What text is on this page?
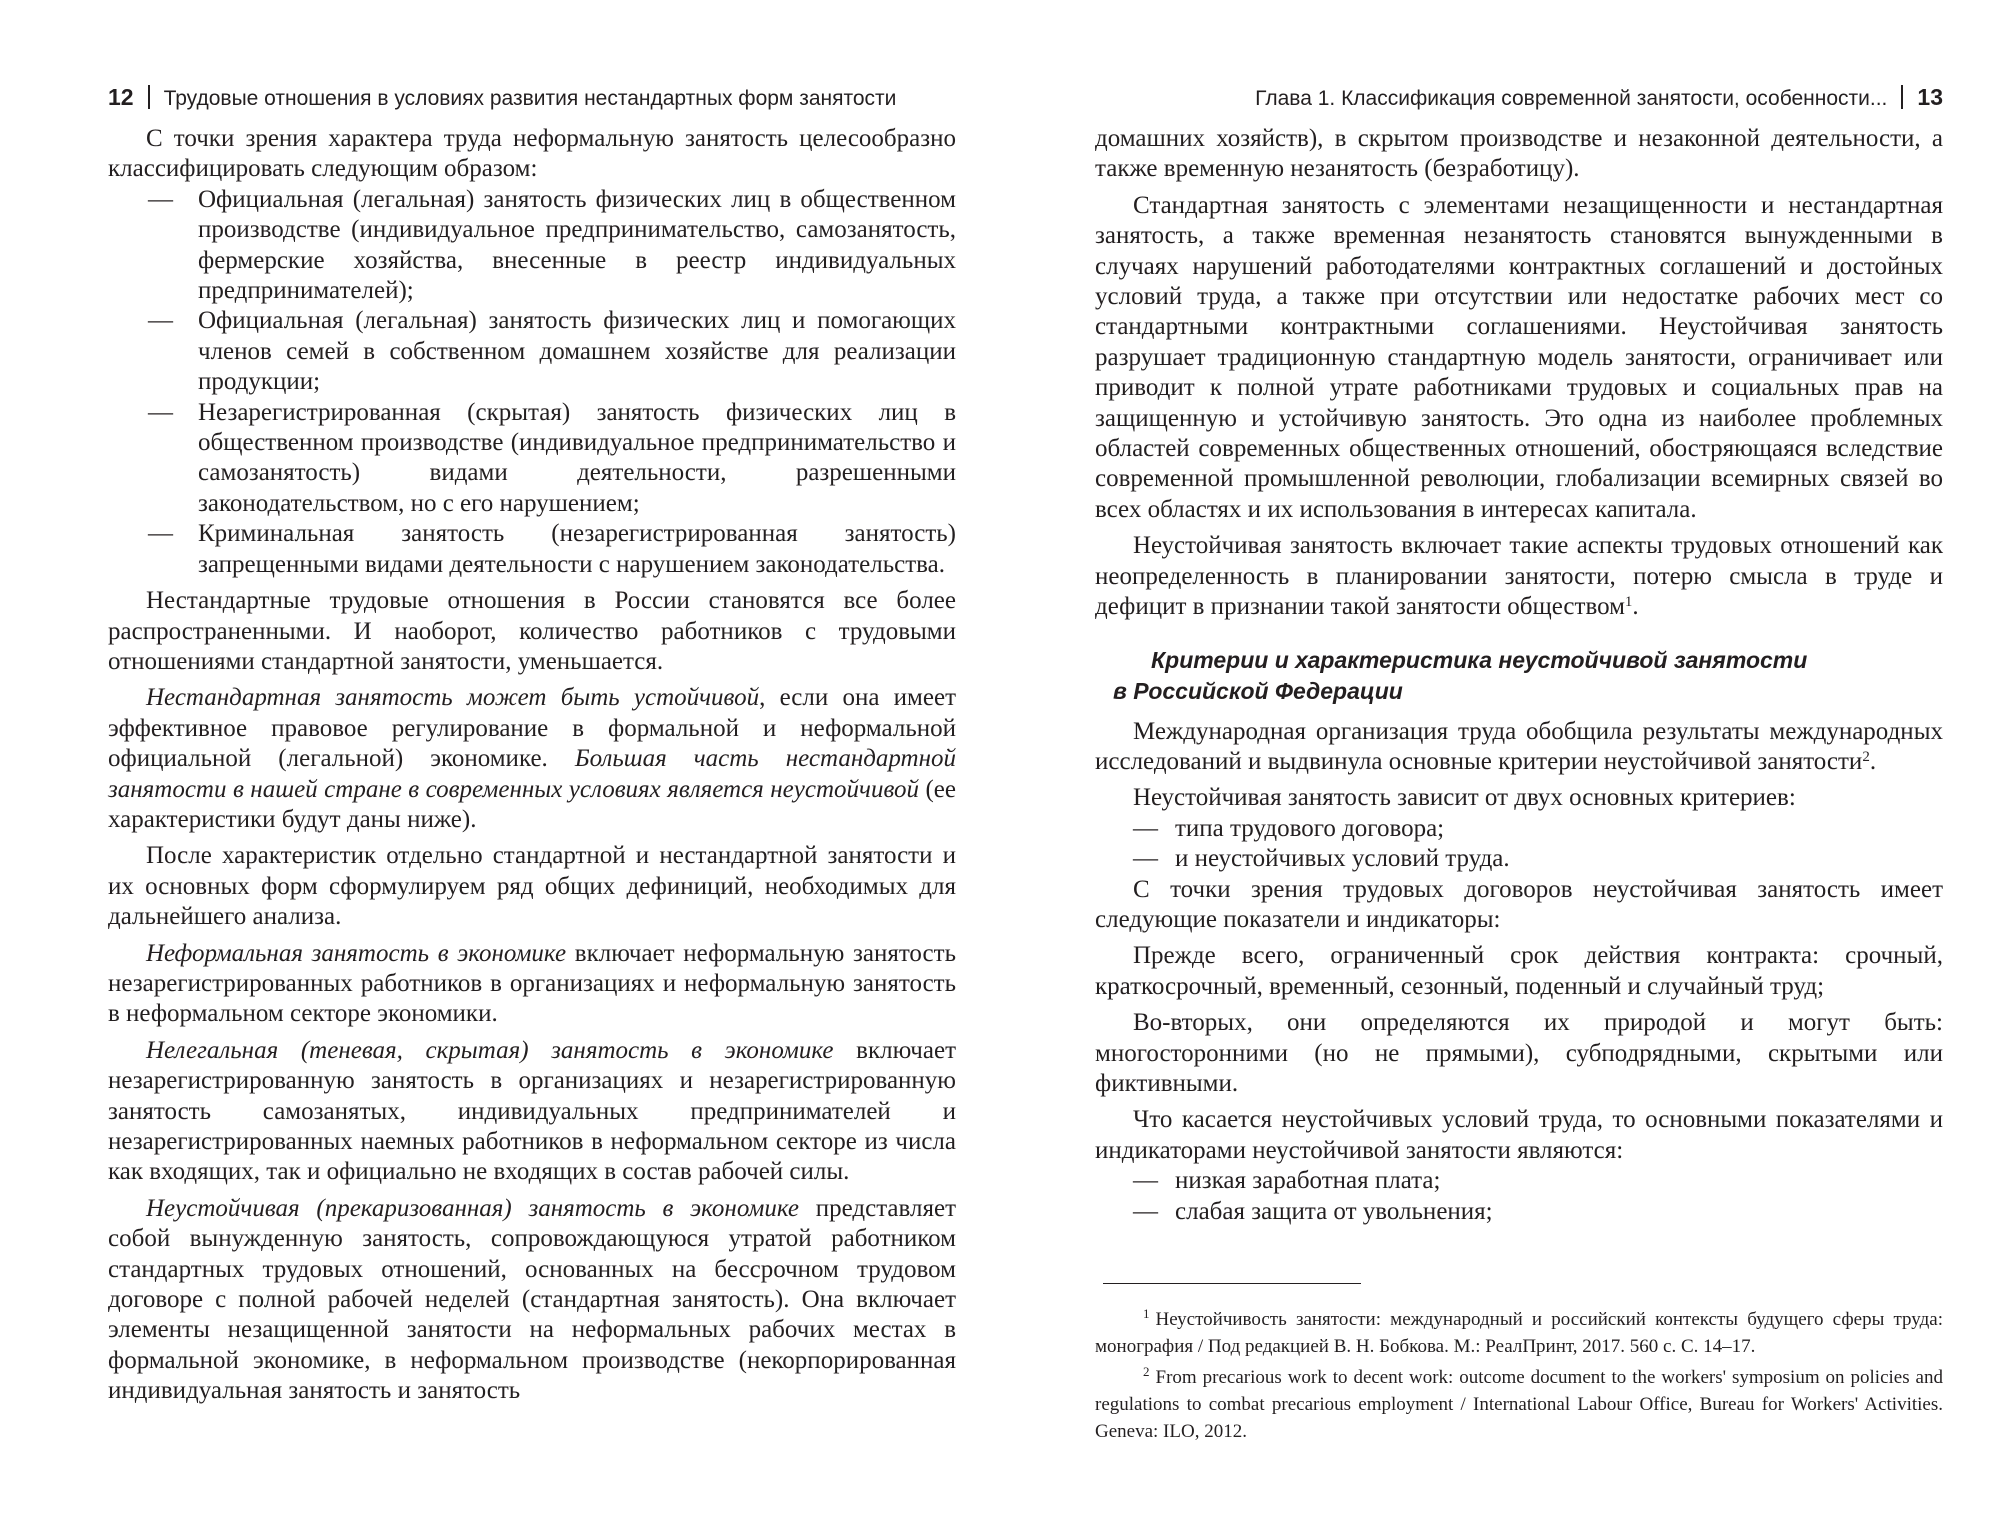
12 Трудовые отношения в условиях развития нестандартных форм занятости

С точки зрения характера труда неформальную занятость целесообразно классифицировать следующим образом:

— Официальная (легальная) занятость физических лиц в общественном производстве (индивидуальное предпринимательство, самозанятость, фермерские хозяйства, внесенные в реестр индивидуальных предпринимателей);
— Официальная (легальная) занятость физических лиц и помогающих членов семей в собственном домашнем хозяйстве для реализации продукции;
— Незарегистрированная (скрытая) занятость физических лиц в общественном производстве (индивидуальное предпринимательство и самозанятость) видами деятельности, разрешенными законодательством, но с его нарушением;
— Криминальная занятость (незарегистрированная занятость) запрещенными видами деятельности с нарушением законодательства.

Нестандартные трудовые отношения в России становятся все более распространенными. И наоборот, количество работников с трудовыми отношениями стандартной занятости, уменьшается.

Нестандартная занятость может быть устойчивой, если она имеет эффективное правовое регулирование в формальной и неформальной официальной (легальной) экономике. Большая часть нестандартной занятости в нашей стране в современных условиях является неустойчивой (ее характеристики будут даны ниже).

После характеристик отдельно стандартной и нестандартной занятости и их основных форм сформулируем ряд общих дефиниций, необходимых для дальнейшего анализа.

Неформальная занятость в экономике включает неформальную занятость незарегистрированных работников в организациях и неформальную занятость в неформальном секторе экономики.

Нелегальная (теневая, скрытая) занятость в экономике включает незарегистрированную занятость в организациях и незарегистрированную занятость самозанятых, индивидуальных предпринимателей и незарегистрированных наемных работников в неформальном секторе из числа как входящих, так и официально не входящих в состав рабочей силы.

Неустойчивая (прекаризованная) занятость в экономике представляет собой вынужденную занятость, сопровождающуюся утратой работником стандартных трудовых отношений, основанных на бессрочном трудовом договоре с полной рабочей неделей (стандартная занятость). Она включает элементы незащищенной занятости на неформальных рабочих местах в формальной экономике, в неформальном производстве (некорпорированная индивидуальная занятость и занятость

Глава 1. Классификация современной занятости, особенности... 13

домашних хозяйств), в скрытом производстве и незаконной деятельности, а также временную незанятость (безработицу).

Стандартная занятость с элементами незащищенности и нестандартная занятость, а также временная незанятость становятся вынужденными в случаях нарушений работодателями контрактных соглашений и достойных условий труда, а также при отсутствии или недостатке рабочих мест со стандартными контрактными соглашениями. Неустойчивая занятость разрушает традиционную стандартную модель занятости, ограничивает или приводит к полной утрате работниками трудовых и социальных прав на защищенную и устойчивую занятость. Это одна из наиболее проблемных областей современных общественных отношений, обостряющаяся вследствие современной промышленной революции, глобализации всемирных связей во всех областях и их использования в интересах капитала.

Неустойчивая занятость включает такие аспекты трудовых отношений как неопределенность в планировании занятости, потерю смысла в труде и дефицит в признании такой занятости обществом$^1$.

Критерии и характеристика неустойчивой занятости
в Российской Федерации

Международная организация труда обобщила результаты международных исследований и выдвинула основные критерии неустойчивой занятости$^2$.

Неустойчивая занятость зависит от двух основных критериев:

— типа трудового договора;
— и неустойчивых условий труда.

С точки зрения трудовых договоров неустойчивая занятость имеет следующие показатели и индикаторы:

Прежде всего, ограниченный срок действия контракта: срочный, краткосрочный, временный, сезонный, поденный и случайный труд;

Во-вторых, они определяются их природой и могут быть: многосторонними (но не прямыми), субподрядными, скрытыми или фиктивными.

Что касается неустойчивых условий труда, то основными показателями и индикаторами неустойчивой занятости являются:

— низкая заработная плата;
— слабая защита от увольнения;

$^1$ Неустойчивость занятости: международный и российский контексты будущего сферы труда: монография / Под редакцией В. Н. Бобкова. М.: РеалПринт, 2017. 560 с. С. 14–17.

$^2$ From precarious work to decent work: outcome document to the workers' symposium on policies and regulations to combat precarious employment / International Labour Office, Bureau for Workers' Activities. Geneva: ILO, 2012.
